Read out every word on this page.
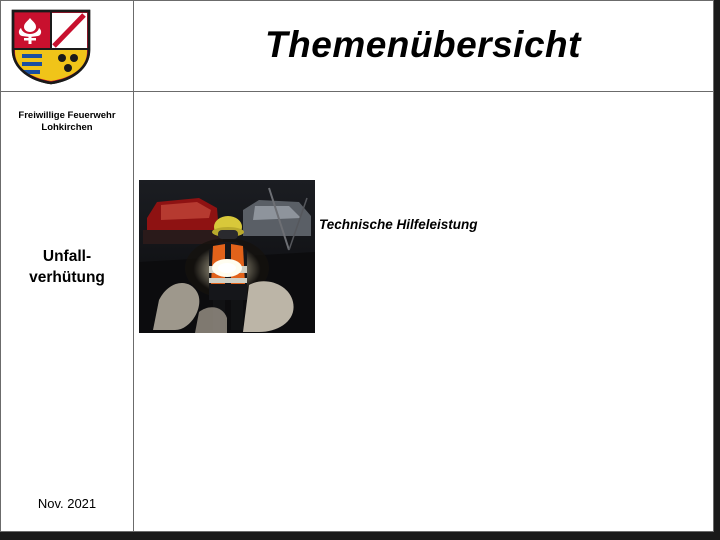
Themenübersicht
Freiwillige Feuerwehr
Lohkirchen
Unfall-
verhütung
Nov. 2021
Technische Hilfeleistung
